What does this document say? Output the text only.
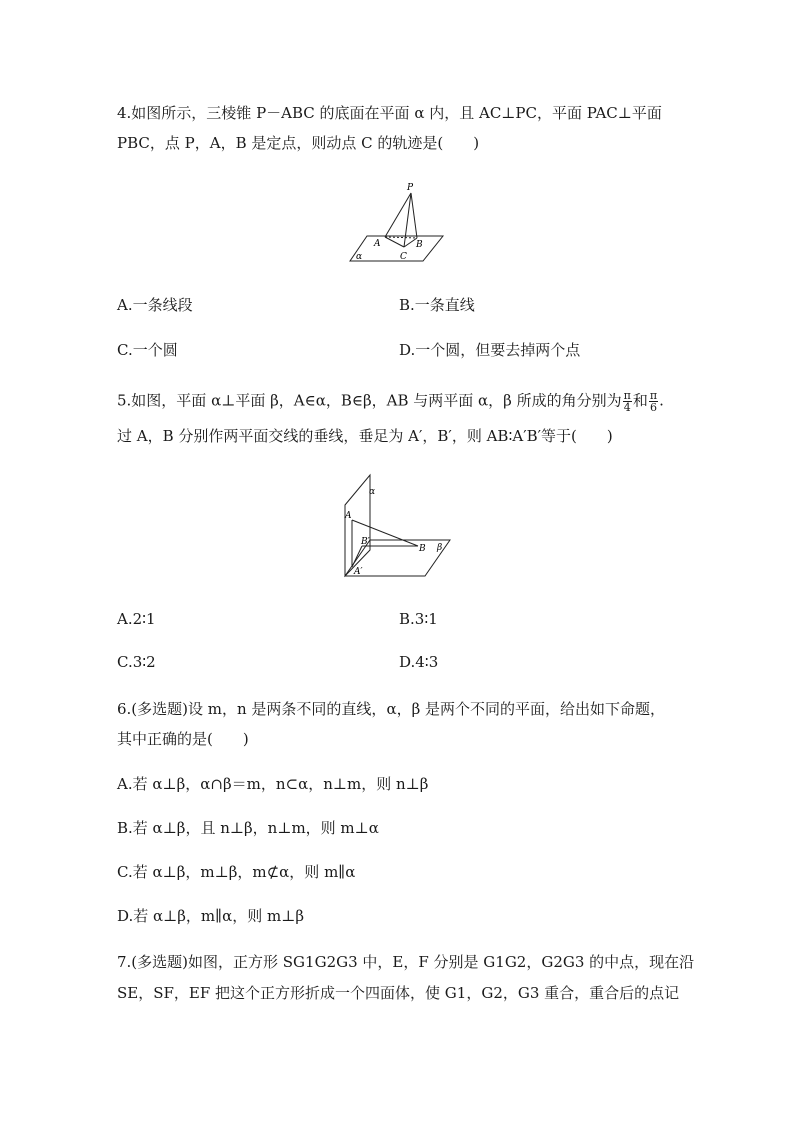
4.如图所示，三棱锥 P－ABC 的底面在平面 α 内，且 AC⊥PC，平面 PAC⊥平面
PBC，点 P，A，B 是定点，则动点 C 的轨迹是(　　)
P
A	B
C
α
A.一条线段	B.一条直线
C.一个圆	D.一个圆，但要去掉两个点
5.如图，平面 α⊥平面 β，A∈α，B∈β，AB 与两平面 α，β 所成的角分别为 $\frac{\pi}{4}$ 和 $\frac{\pi}{6}$ .
过 A，B 分别作两平面交线的垂线，垂足为 A′，B′，则 AB∶A′B′等于(　　)
α
β
A
B
A′
B′
A.2∶1	B.3∶1
C.3∶2	D.4∶3
6.(多选题)设 m，n 是两条不同的直线，α，β 是两个不同的平面，给出如下命题，
其中正确的是(　　)
A.若 α⊥β，α∩β＝m，n⊂α，n⊥m，则 n⊥β
B.若 α⊥β，且 n⊥β，n⊥m，则 m⊥α
C.若 α⊥β，m⊥β，m⊄α，则 m∥α
D.若 α⊥β，m∥α，则 m⊥β
7.(多选题)如图，正方形 SG1G2G3 中，E，F 分别是 G1G2，G2G3 的中点，现在沿
SE，SF，EF 把这个正方形折成一个四面体，使 G1，G2，G3 重合，重合后的点记
